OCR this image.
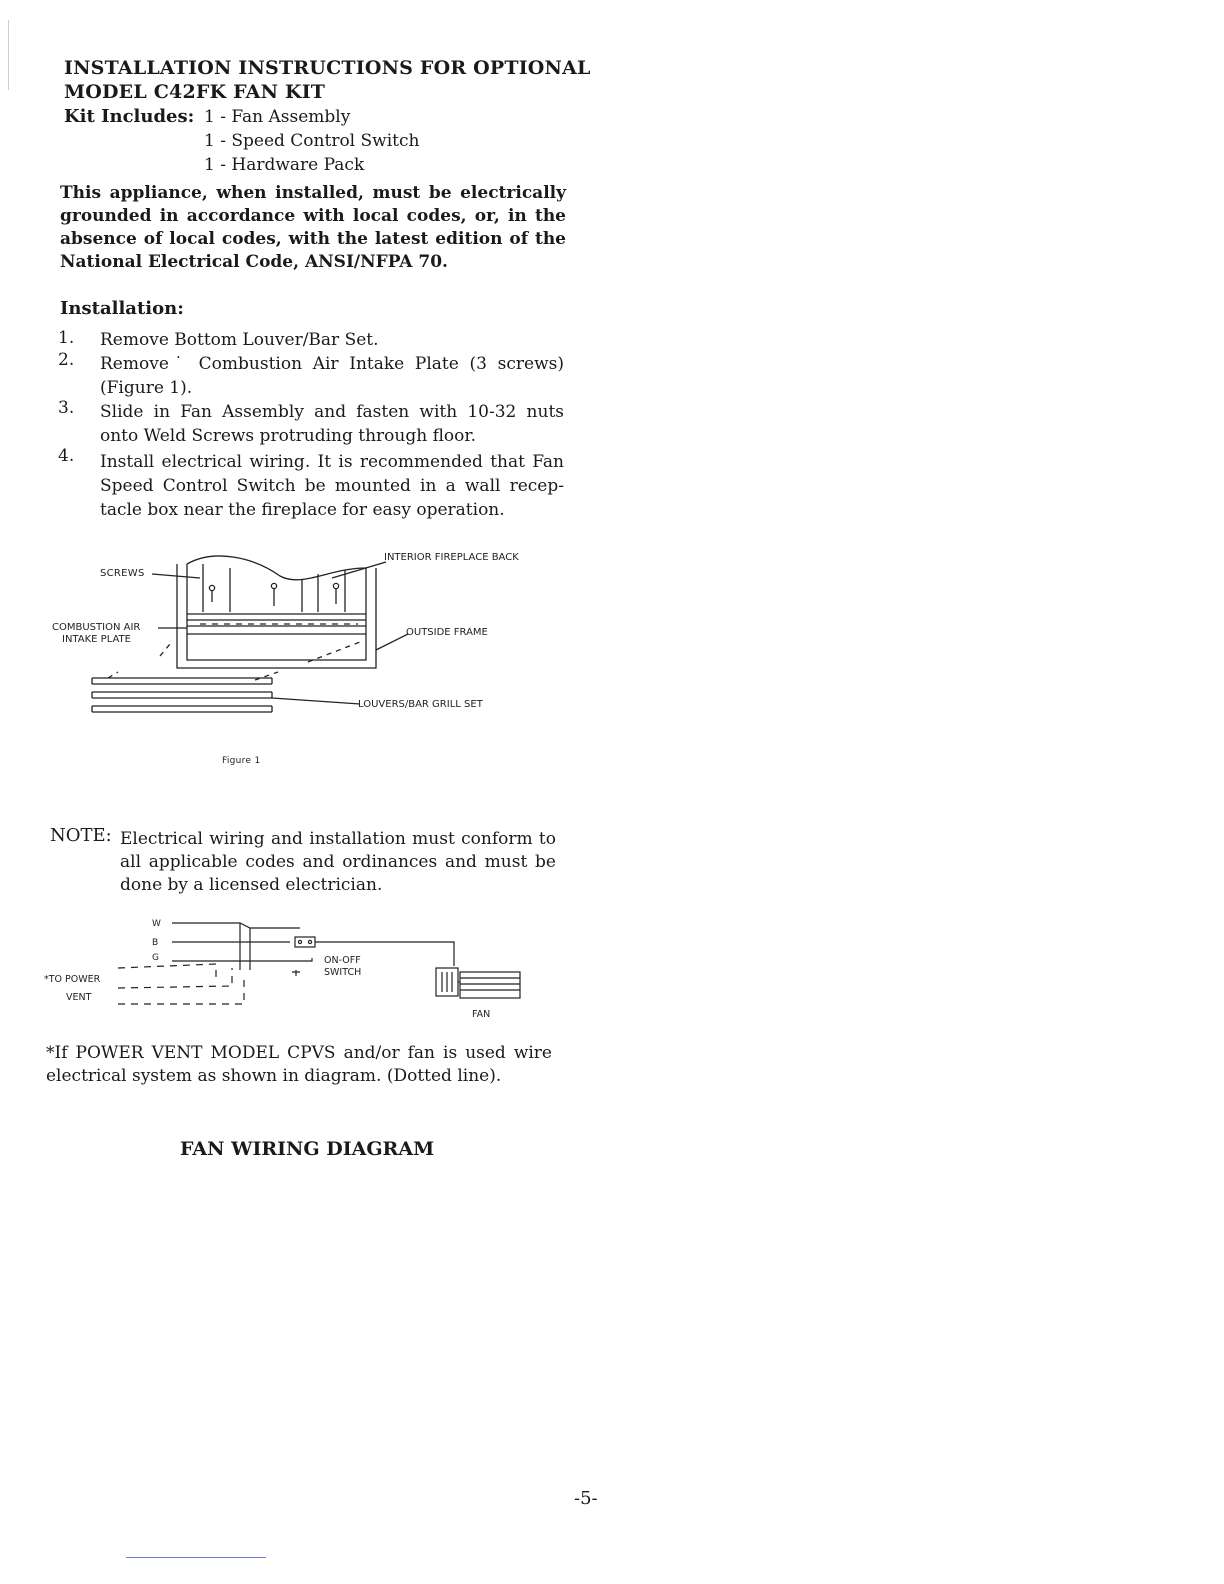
INSTALLATION INSTRUCTIONS FOR OPTIONAL
MODEL C42FK FAN KIT
Kit Includes: 1 - Fan Assembly
1 - Speed Control Switch
1 - Hardware Pack
This appliance, when installed, must be electrically grounded in accordance with local codes, or, in the absence of local codes, with the latest edition of the National Electrical Code, ANSI/NFPA 70.
Installation:
1. Remove Bottom Louver/Bar Set.
2. Remove˙ Combustion Air Intake Plate (3 screws) (Figure 1).
3. Slide in Fan Assembly and fasten with 10-32 nuts onto Weld Screws protruding through floor.
4. Install electrical wiring. It is recommended that Fan Speed Control Switch be mounted in a wall recep-tacle box near the fireplace for easy operation.
SCREWS
INTERIOR FIREPLACE BACK
COMBUSTION AIR
INTAKE PLATE
OUTSIDE FRAME
LOUVERS/BAR GRILL SET
Figure 1
NOTE: Electrical wiring and installation must conform to all applicable codes and ordinances and must be done by a licensed electrician.
W
B
G
*TO POWER
VENT
ON-OFF
SWITCH
FAN
*If POWER VENT MODEL CPVS and/or fan is used wire electrical system as shown in diagram. (Dotted line).
FAN WIRING DIAGRAM
-5-
